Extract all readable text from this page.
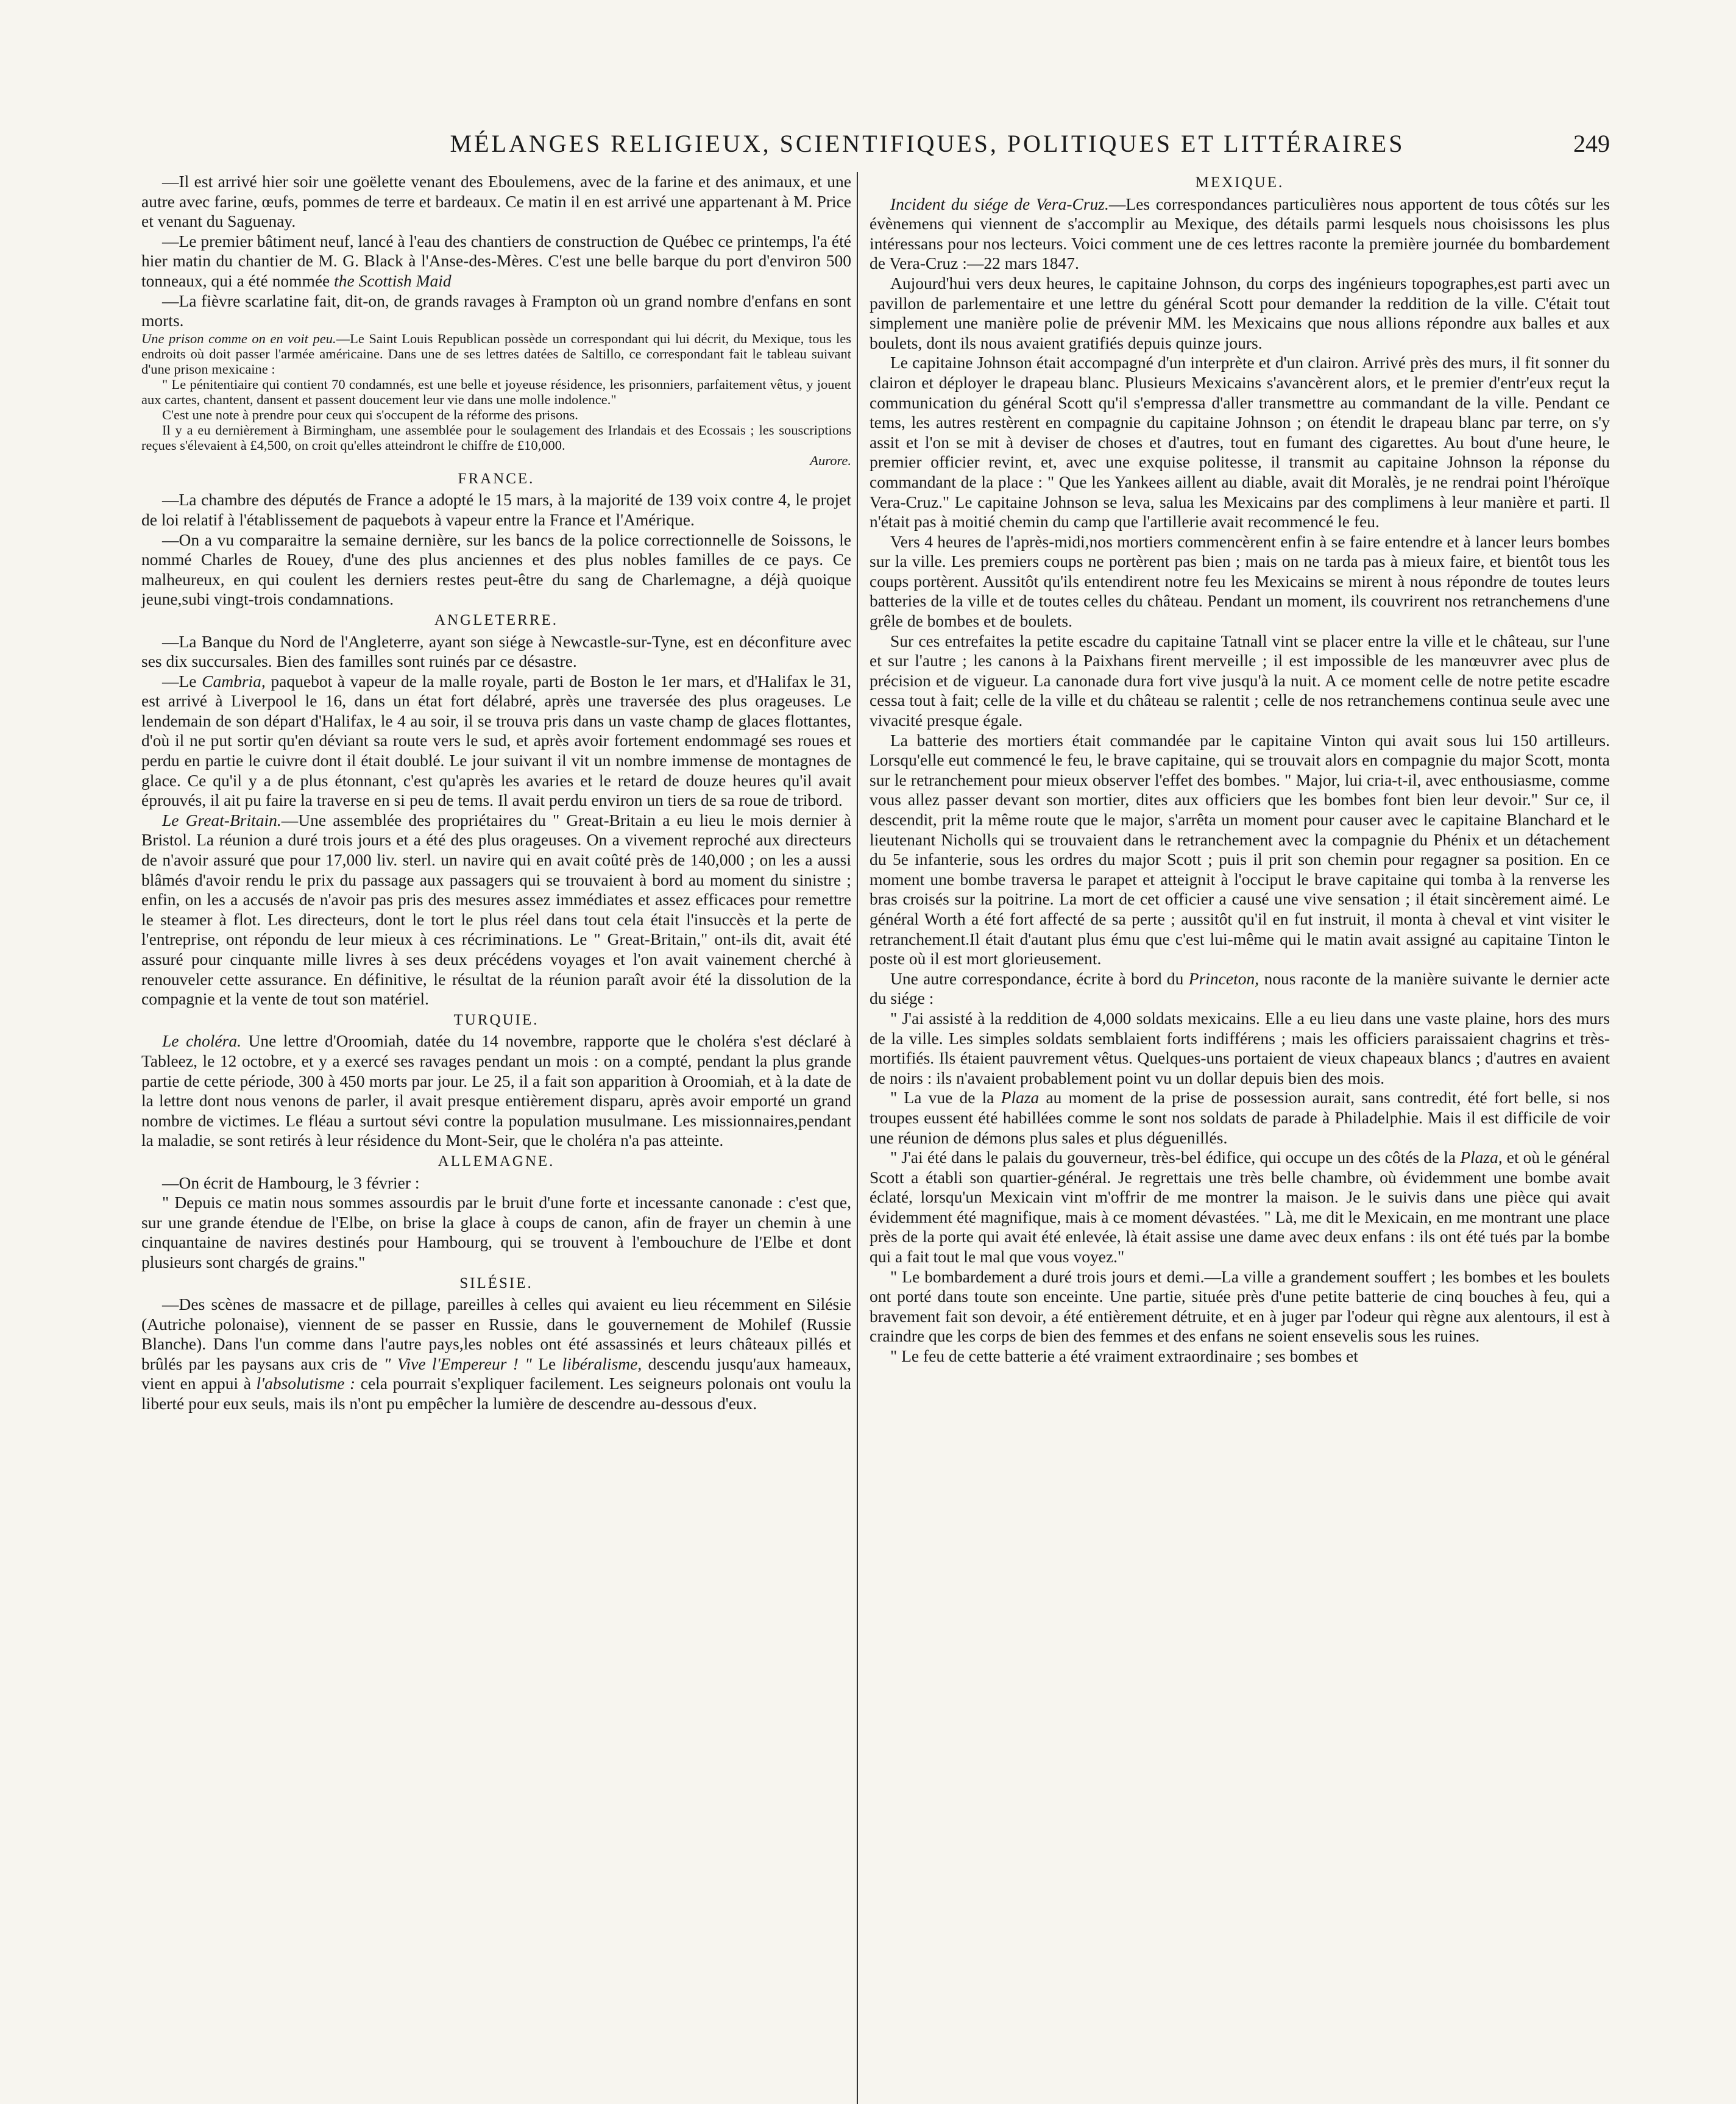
MÉLANGES RELIGIEUX, SCIENTIFIQUES, POLITIQUES ET LITTÉRAIRES	249

—Il est arrivé hier soir une goëlette venant des Eboulemens, avec de la farine et des animaux, et une autre avec farine, œufs, pommes de terre et bardeaux. Ce matin il en est arrivé une appartenant à M. Price et venant du Saguenay.

—Le premier bâtiment neuf, lancé à l'eau des chantiers de construction de Québec ce printemps, l'a été hier matin du chantier de M. G. Black à l'Anse-des-Mères. C'est une belle barque du port d'environ 500 tonneaux, qui a été nommée the Scottish Maid

—La fièvre scarlatine fait, dit-on, de grands ravages à Frampton où un grand nombre d'enfans en sont morts.

Une prison comme on en voit peu.—Le Saint Louis Republican possède un correspondant qui lui décrit, du Mexique, tous les endroits où doit passer l'armée américaine. Dans une de ses lettres datées de Saltillo, ce correspondant fait le tableau suivant d'une prison mexicaine :

" Le pénitentiaire qui contient 70 condamnés, est une belle et joyeuse résidence, les prisonniers, parfaitement vêtus, y jouent aux cartes, chantent, dansent et passent doucement leur vie dans une molle indolence."

C'est une note à prendre pour ceux qui s'occupent de la réforme des prisons.

Il y a eu dernièrement à Birmingham, une assemblée pour le soulagement des Irlandais et des Ecossais ; les souscriptions reçues s'élevaient à £4,500, on croit qu'elles atteindront le chiffre de £10,000.
Aurore.

FRANCE.

—La chambre des députés de France a adopté le 15 mars, à la majorité de 139 voix contre 4, le projet de loi relatif à l'établissement de paquebots à vapeur entre la France et l'Amérique.

—On a vu comparaitre la semaine dernière, sur les bancs de la police correctionnelle de Soissons, le nommé Charles de Rouey, d'une des plus anciennes et des plus nobles familles de ce pays. Ce malheureux, en qui coulent les derniers restes peut-être du sang de Charlemagne, a déjà quoique jeune,subi vingt-trois condamnations.

ANGLETERRE.

—La Banque du Nord de l'Angleterre, ayant son siége à Newcastle-sur-Tyne, est en déconfiture avec ses dix succursales. Bien des familles sont ruinés par ce désastre.

—Le Cambria, paquebot à vapeur de la malle royale, parti de Boston le 1er mars, et d'Halifax le 31, est arrivé à Liverpool le 16, dans un état fort délabré, après une traversée des plus orageuses. Le lendemain de son départ d'Halifax, le 4 au soir, il se trouva pris dans un vaste champ de glaces flottantes, d'où il ne put sortir qu'en déviant sa route vers le sud, et après avoir fortement endommagé ses roues et perdu en partie le cuivre dont il était doublé. Le jour suivant il vit un nombre immense de montagnes de glace. Ce qu'il y a de plus étonnant, c'est qu'après les avaries et le retard de douze heures qu'il avait éprouvés, il ait pu faire la traverse en si peu de tems. Il avait perdu environ un tiers de sa roue de tribord.

Le Great-Britain.—Une assemblée des propriétaires du " Great-Britain a eu lieu le mois dernier à Bristol. La réunion a duré trois jours et a été des plus orageuses. On a vivement reproché aux directeurs de n'avoir assuré que pour 17,000 liv. sterl. un navire qui en avait coûté près de 140,000 ; on les a aussi blâmés d'avoir rendu le prix du passage aux passagers qui se trouvaient à bord au moment du sinistre ; enfin, on les a accusés de n'avoir pas pris des mesures assez immédiates et assez efficaces pour remettre le steamer à flot. Les directeurs, dont le tort le plus réel dans tout cela était l'insuccès et la perte de l'entreprise, ont répondu de leur mieux à ces récriminations. Le " Great-Britain," ont-ils dit, avait été assuré pour cinquante mille livres à ses deux précédens voyages et l'on avait vainement cherché à renouveler cette assurance. En définitive, le résultat de la réunion paraît avoir été la dissolution de la compagnie et la vente de tout son matériel.

TURQUIE.

Le choléra. Une lettre d'Oroomiah, datée du 14 novembre, rapporte que le choléra s'est déclaré à Tableez, le 12 octobre, et y a exercé ses ravages pendant un mois : on a compté, pendant la plus grande partie de cette période, 300 à 450 morts par jour. Le 25, il a fait son apparition à Oroomiah, et à la date de la lettre dont nous venons de parler, il avait presque entièrement disparu, après avoir emporté un grand nombre de victimes. Le fléau a surtout sévi contre la population musulmane. Les missionnaires,pendant la maladie, se sont retirés à leur résidence du Mont-Seir, que le choléra n'a pas atteinte.

ALLEMAGNE.

—On écrit de Hambourg, le 3 février :

" Depuis ce matin nous sommes assourdis par le bruit d'une forte et incessante canonade : c'est que, sur une grande étendue de l'Elbe, on brise la glace à coups de canon, afin de frayer un chemin à une cinquantaine de navires destinés pour Hambourg, qui se trouvent à l'embouchure de l'Elbe et dont plusieurs sont chargés de grains."

SILÉSIE.

—Des scènes de massacre et de pillage, pareilles à celles qui avaient eu lieu récemment en Silésie (Autriche polonaise), viennent de se passer en Russie, dans le gouvernement de Mohilef (Russie Blanche). Dans l'un comme dans l'autre pays,les nobles ont été assassinés et leurs châteaux pillés et brûlés par les paysans aux cris de " Vive l'Empereur ! " Le libéralisme, descendu jusqu'aux hameaux, vient en appui à l'absolutisme : cela pourrait s'expliquer facilement. Les seigneurs polonais ont voulu la liberté pour eux seuls, mais ils n'ont pu empêcher la lumière de descendre au-dessous d'eux.

MEXIQUE.

Incident du siége de Vera-Cruz.—Les correspondances particulières nous apportent de tous côtés sur les évènemens qui viennent de s'accomplir au Mexique, des détails parmi lesquels nous choisissons les plus intéressans pour nos lecteurs. Voici comment une de ces lettres raconte la première journée du bombardement de Vera-Cruz :—22 mars 1847.

Aujourd'hui vers deux heures, le capitaine Johnson, du corps des ingénieurs topographes,est parti avec un pavillon de parlementaire et une lettre du général Scott pour demander la reddition de la ville. C'était tout simplement une manière polie de prévenir MM. les Mexicains que nous allions répondre aux balles et aux boulets, dont ils nous avaient gratifiés depuis quinze jours.

Le capitaine Johnson était accompagné d'un interprète et d'un clairon. Arrivé près des murs, il fit sonner du clairon et déployer le drapeau blanc. Plusieurs Mexicains s'avancèrent alors, et le premier d'entr'eux reçut la communication du général Scott qu'il s'empressa d'aller transmettre au commandant de la ville. Pendant ce tems, les autres restèrent en compagnie du capitaine Johnson ; on étendit le drapeau blanc par terre, on s'y assit et l'on se mit à deviser de choses et d'autres, tout en fumant des cigarettes. Au bout d'une heure, le premier officier revint, et, avec une exquise politesse, il transmit au capitaine Johnson la réponse du commandant de la place : " Que les Yankees aillent au diable, avait dit Moralès, je ne rendrai point l'héroïque Vera-Cruz." Le capitaine Johnson se leva, salua les Mexicains par des complimens à leur manière et parti. Il n'était pas à moitié chemin du camp que l'artillerie avait recommencé le feu.

Vers 4 heures de l'après-midi,nos mortiers commencèrent enfin à se faire entendre et à lancer leurs bombes sur la ville. Les premiers coups ne portèrent pas bien ; mais on ne tarda pas à mieux faire, et bientôt tous les coups portèrent. Aussitôt qu'ils entendirent notre feu les Mexicains se mirent à nous répondre de toutes leurs batteries de la ville et de toutes celles du château. Pendant un moment, ils couvrirent nos retranchemens d'une grêle de bombes et de boulets.

Sur ces entrefaites la petite escadre du capitaine Tatnall vint se placer entre la ville et le château, sur l'une et sur l'autre ; les canons à la Paixhans firent merveille ; il est impossible de les manœuvrer avec plus de précision et de vigueur. La canonade dura fort vive jusqu'à la nuit. A ce moment celle de notre petite escadre cessa tout à fait; celle de la ville et du château se ralentit ; celle de nos retranchemens continua seule avec une vivacité presque égale.

La batterie des mortiers était commandée par le capitaine Vinton qui avait sous lui 150 artilleurs. Lorsqu'elle eut commencé le feu, le brave capitaine, qui se trouvait alors en compagnie du major Scott, monta sur le retranchement pour mieux observer l'effet des bombes. " Major, lui cria-t-il, avec enthousiasme, comme vous allez passer devant son mortier, dites aux officiers que les bombes font bien leur devoir." Sur ce, il descendit, prit la même route que le major, s'arrêta un moment pour causer avec le capitaine Blanchard et le lieutenant Nicholls qui se trouvaient dans le retranchement avec la compagnie du Phénix et un détachement du 5e infanterie, sous les ordres du major Scott ; puis il prit son chemin pour regagner sa position. En ce moment une bombe traversa le parapet et atteignit à l'occiput le brave capitaine qui tomba à la renverse les bras croisés sur la poitrine. La mort de cet officier a causé une vive sensation ; il était sincèrement aimé. Le général Worth a été fort affecté de sa perte ; aussitôt qu'il en fut instruit, il monta à cheval et vint visiter le retranchement.Il était d'autant plus ému que c'est lui-même qui le matin avait assigné au capitaine Tinton le poste où il est mort glorieusement.

Une autre correspondance, écrite à bord du Princeton, nous raconte de la manière suivante le dernier acte du siége :

" J'ai assisté à la reddition de 4,000 soldats mexicains. Elle a eu lieu dans une vaste plaine, hors des murs de la ville. Les simples soldats semblaient forts indifférens ; mais les officiers paraissaient chagrins et très-mortifiés. Ils étaient pauvrement vêtus. Quelques-uns portaient de vieux chapeaux blancs ; d'autres en avaient de noirs : ils n'avaient probablement point vu un dollar depuis bien des mois.

" La vue de la Plaza au moment de la prise de possession aurait, sans contredit, été fort belle, si nos troupes eussent été habillées comme le sont nos soldats de parade à Philadelphie. Mais il est difficile de voir une réunion de démons plus sales et plus déguenillés.

" J'ai été dans le palais du gouverneur, très-bel édifice, qui occupe un des côtés de la Plaza, et où le général Scott a établi son quartier-général. Je regrettais une très belle chambre, où évidemment une bombe avait éclaté, lorsqu'un Mexicain vint m'offrir de me montrer la maison. Je le suivis dans une pièce qui avait évidemment été magnifique, mais à ce moment dévastées. " Là, me dit le Mexicain, en me montrant une place près de la porte qui avait été enlevée, là était assise une dame avec deux enfans : ils ont été tués par la bombe qui a fait tout le mal que vous voyez."

" Le bombardement a duré trois jours et demi.—La ville a grandement souffert ; les bombes et les boulets ont porté dans toute son enceinte. Une partie, située près d'une petite batterie de cinq bouches à feu, qui a bravement fait son devoir, a été entièrement détruite, et en à juger par l'odeur qui règne aux alentours, il est à craindre que les corps de bien des femmes et des enfans ne soient ensevelis sous les ruines.

" Le feu de cette batterie a été vraiment extraordinaire ; ses bombes et
